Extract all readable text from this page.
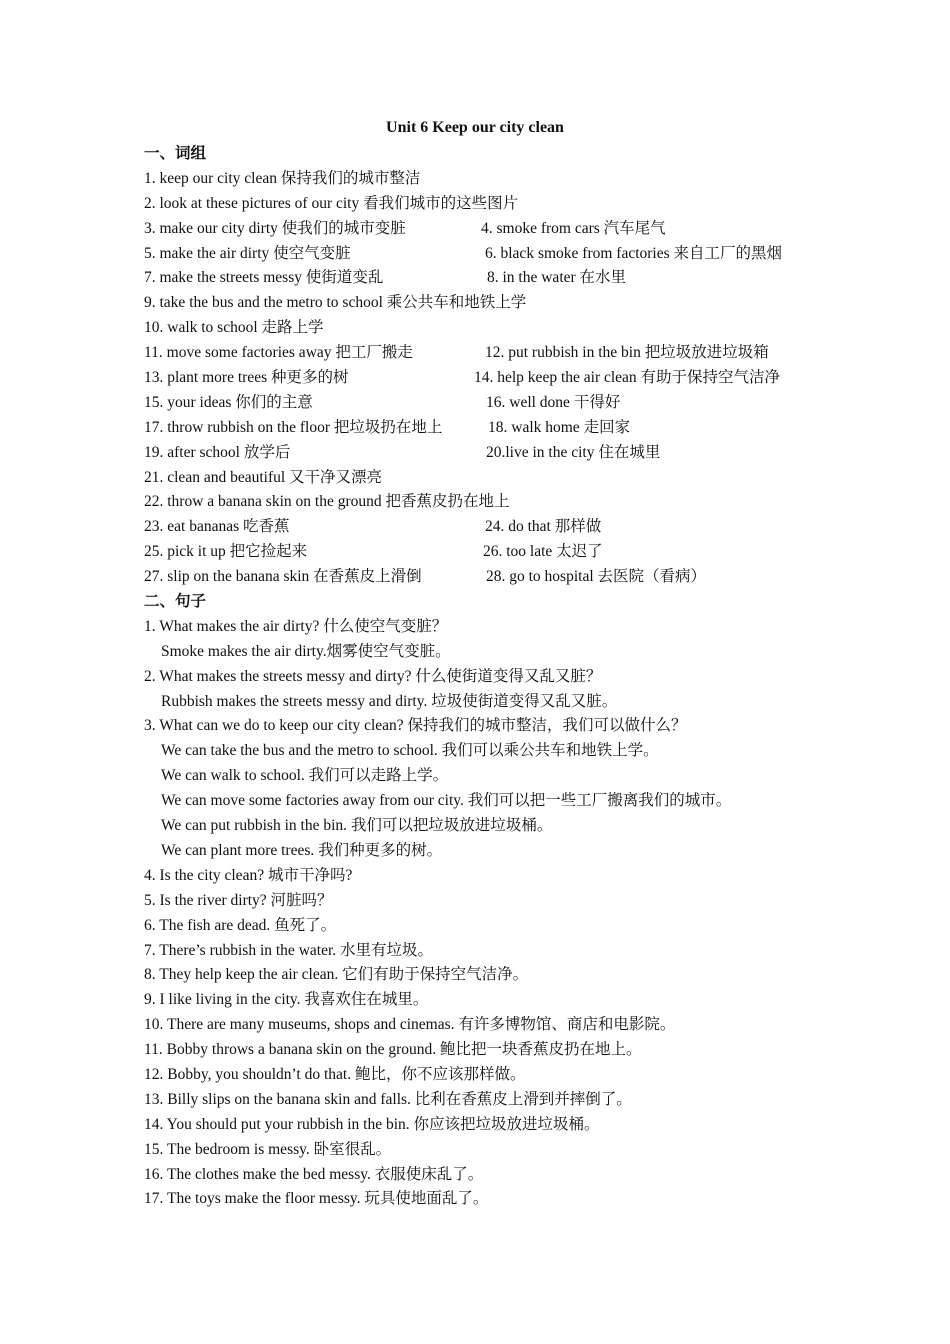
Unit 6 Keep our city clean
一、词组
1. keep our city clean 保持我们的城市整洁
2. look at these pictures of our city 看我们城市的这些图片
3. make our city dirty 使我们的城市变脏	4. smoke from cars 汽车尾气
5. make the air dirty 使空气变脏	6. black smoke from factories 来自工厂的黑烟
7. make the streets messy 使街道变乱	8. in the water 在水里
9. take the bus and the metro to school 乘公共车和地铁上学
10. walk to school 走路上学
11. move some factories away 把工厂搬走	12. put rubbish in the bin 把垃圾放进垃圾箱
13. plant more trees 种更多的树	14. help keep the air clean 有助于保持空气洁净
15. your ideas 你们的主意	16. well done 干得好
17. throw rubbish on the floor 把垃圾扔在地上	18. walk home 走回家
19. after school 放学后	20.live in the city 住在城里
21. clean and beautiful 又干净又漂亮
22. throw a banana skin on the ground 把香蕉皮扔在地上
23. eat bananas 吃香蕉	24. do that 那样做
25. pick it up 把它捡起来	26. too late 太迟了
27. slip on the banana skin 在香蕉皮上滑倒	28. go to hospital 去医院（看病）
二、句子
1. What makes the air dirty? 什么使空气变脏？
Smoke makes the air dirty.烟雾使空气变脏。
2. What makes the streets messy and dirty? 什么使街道变得又乱又脏？
Rubbish makes the streets messy and dirty. 垃圾使街道变得又乱又脏。
3. What can we do to keep our city clean? 保持我们的城市整洁，我们可以做什么？
We can take the bus and the metro to school. 我们可以乘公共车和地铁上学。
We can walk to school. 我们可以走路上学。
We can move some factories away from our city. 我们可以把一些工厂搬离我们的城市。
We can put rubbish in the bin. 我们可以把垃圾放进垃圾桶。
We can plant more trees. 我们种更多的树。
4. Is the city clean? 城市干净吗?
5. Is the river dirty? 河脏吗？
6. The fish are dead. 鱼死了。
7. There’s rubbish in the water. 水里有垃圾。
8. They help keep the air clean. 它们有助于保持空气洁净。
9. I like living in the city. 我喜欢住在城里。
10. There are many museums, shops and cinemas. 有许多博物馆、商店和电影院。
11. Bobby throws a banana skin on the ground. 鲍比把一块香蕉皮扔在地上。
12. Bobby, you shouldn’t do that. 鲍比，你不应该那样做。
13. Billy slips on the banana skin and falls. 比利在香蕉皮上滑到并摔倒了。
14. You should put your rubbish in the bin. 你应该把垃圾放进垃圾桶。
15. The bedroom is messy. 卧室很乱。
16. The clothes make the bed messy. 衣服使床乱了。
17. The toys make the floor messy. 玩具使地面乱了。
